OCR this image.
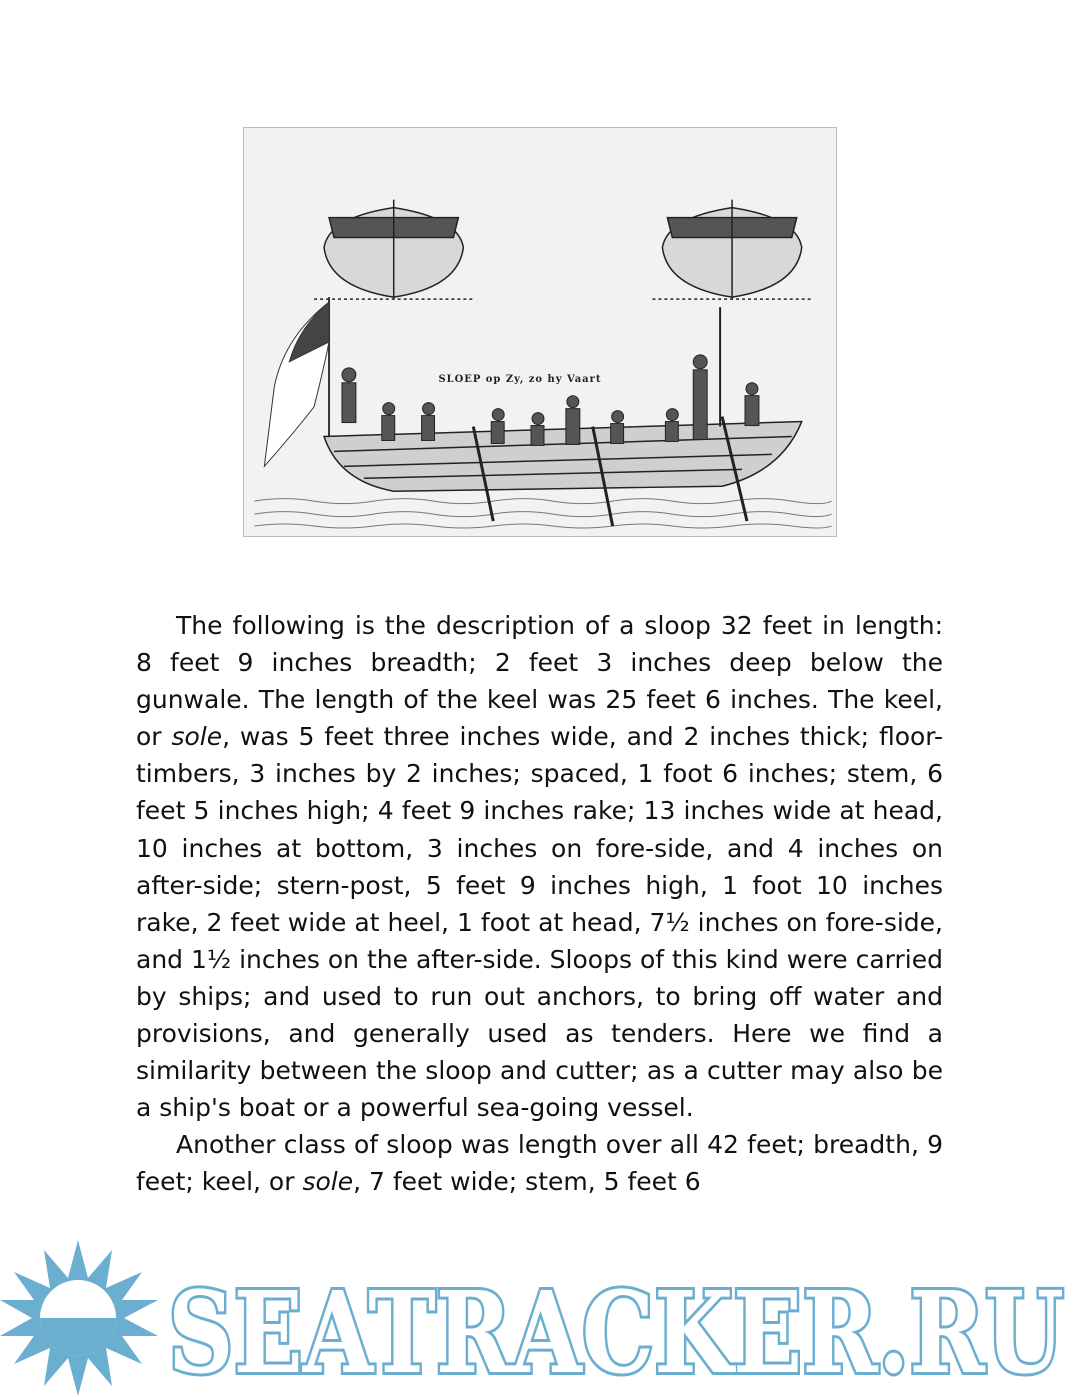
SLOEP op Zy, zo hy Vaart

The following is the description of a sloop 32 feet in length: 8 feet 9 inches breadth; 2 feet 3 inches deep below the gunwale. The length of the keel was 25 feet 6 inches. The keel, or sole, was 5 feet three inches wide, and 2 inches thick; floor-timbers, 3 inches by 2 inches; spaced, 1 foot 6 inches; stem, 6 feet 5 inches high; 4 feet 9 inches rake; 13 inches wide at head, 10 inches at bottom, 3 inches on fore-side, and 4 inches on after-side; stern-post, 5 feet 9 inches high, 1 foot 10 inches rake, 2 feet wide at heel, 1 foot at head, 7½ inches on fore-side, and 1½ inches on the after-side. Sloops of this kind were carried by ships; and used to run out anchors, to bring off water and provisions, and generally used as tenders. Here we find a similarity between the sloop and cutter; as a cutter may also be a ship's boat or a powerful sea-going vessel.

Another class of sloop was length over all 42 feet; breadth, 9 feet; keel, or sole, 7 feet wide; stem, 5 feet 6

SEATRACKER.RU
